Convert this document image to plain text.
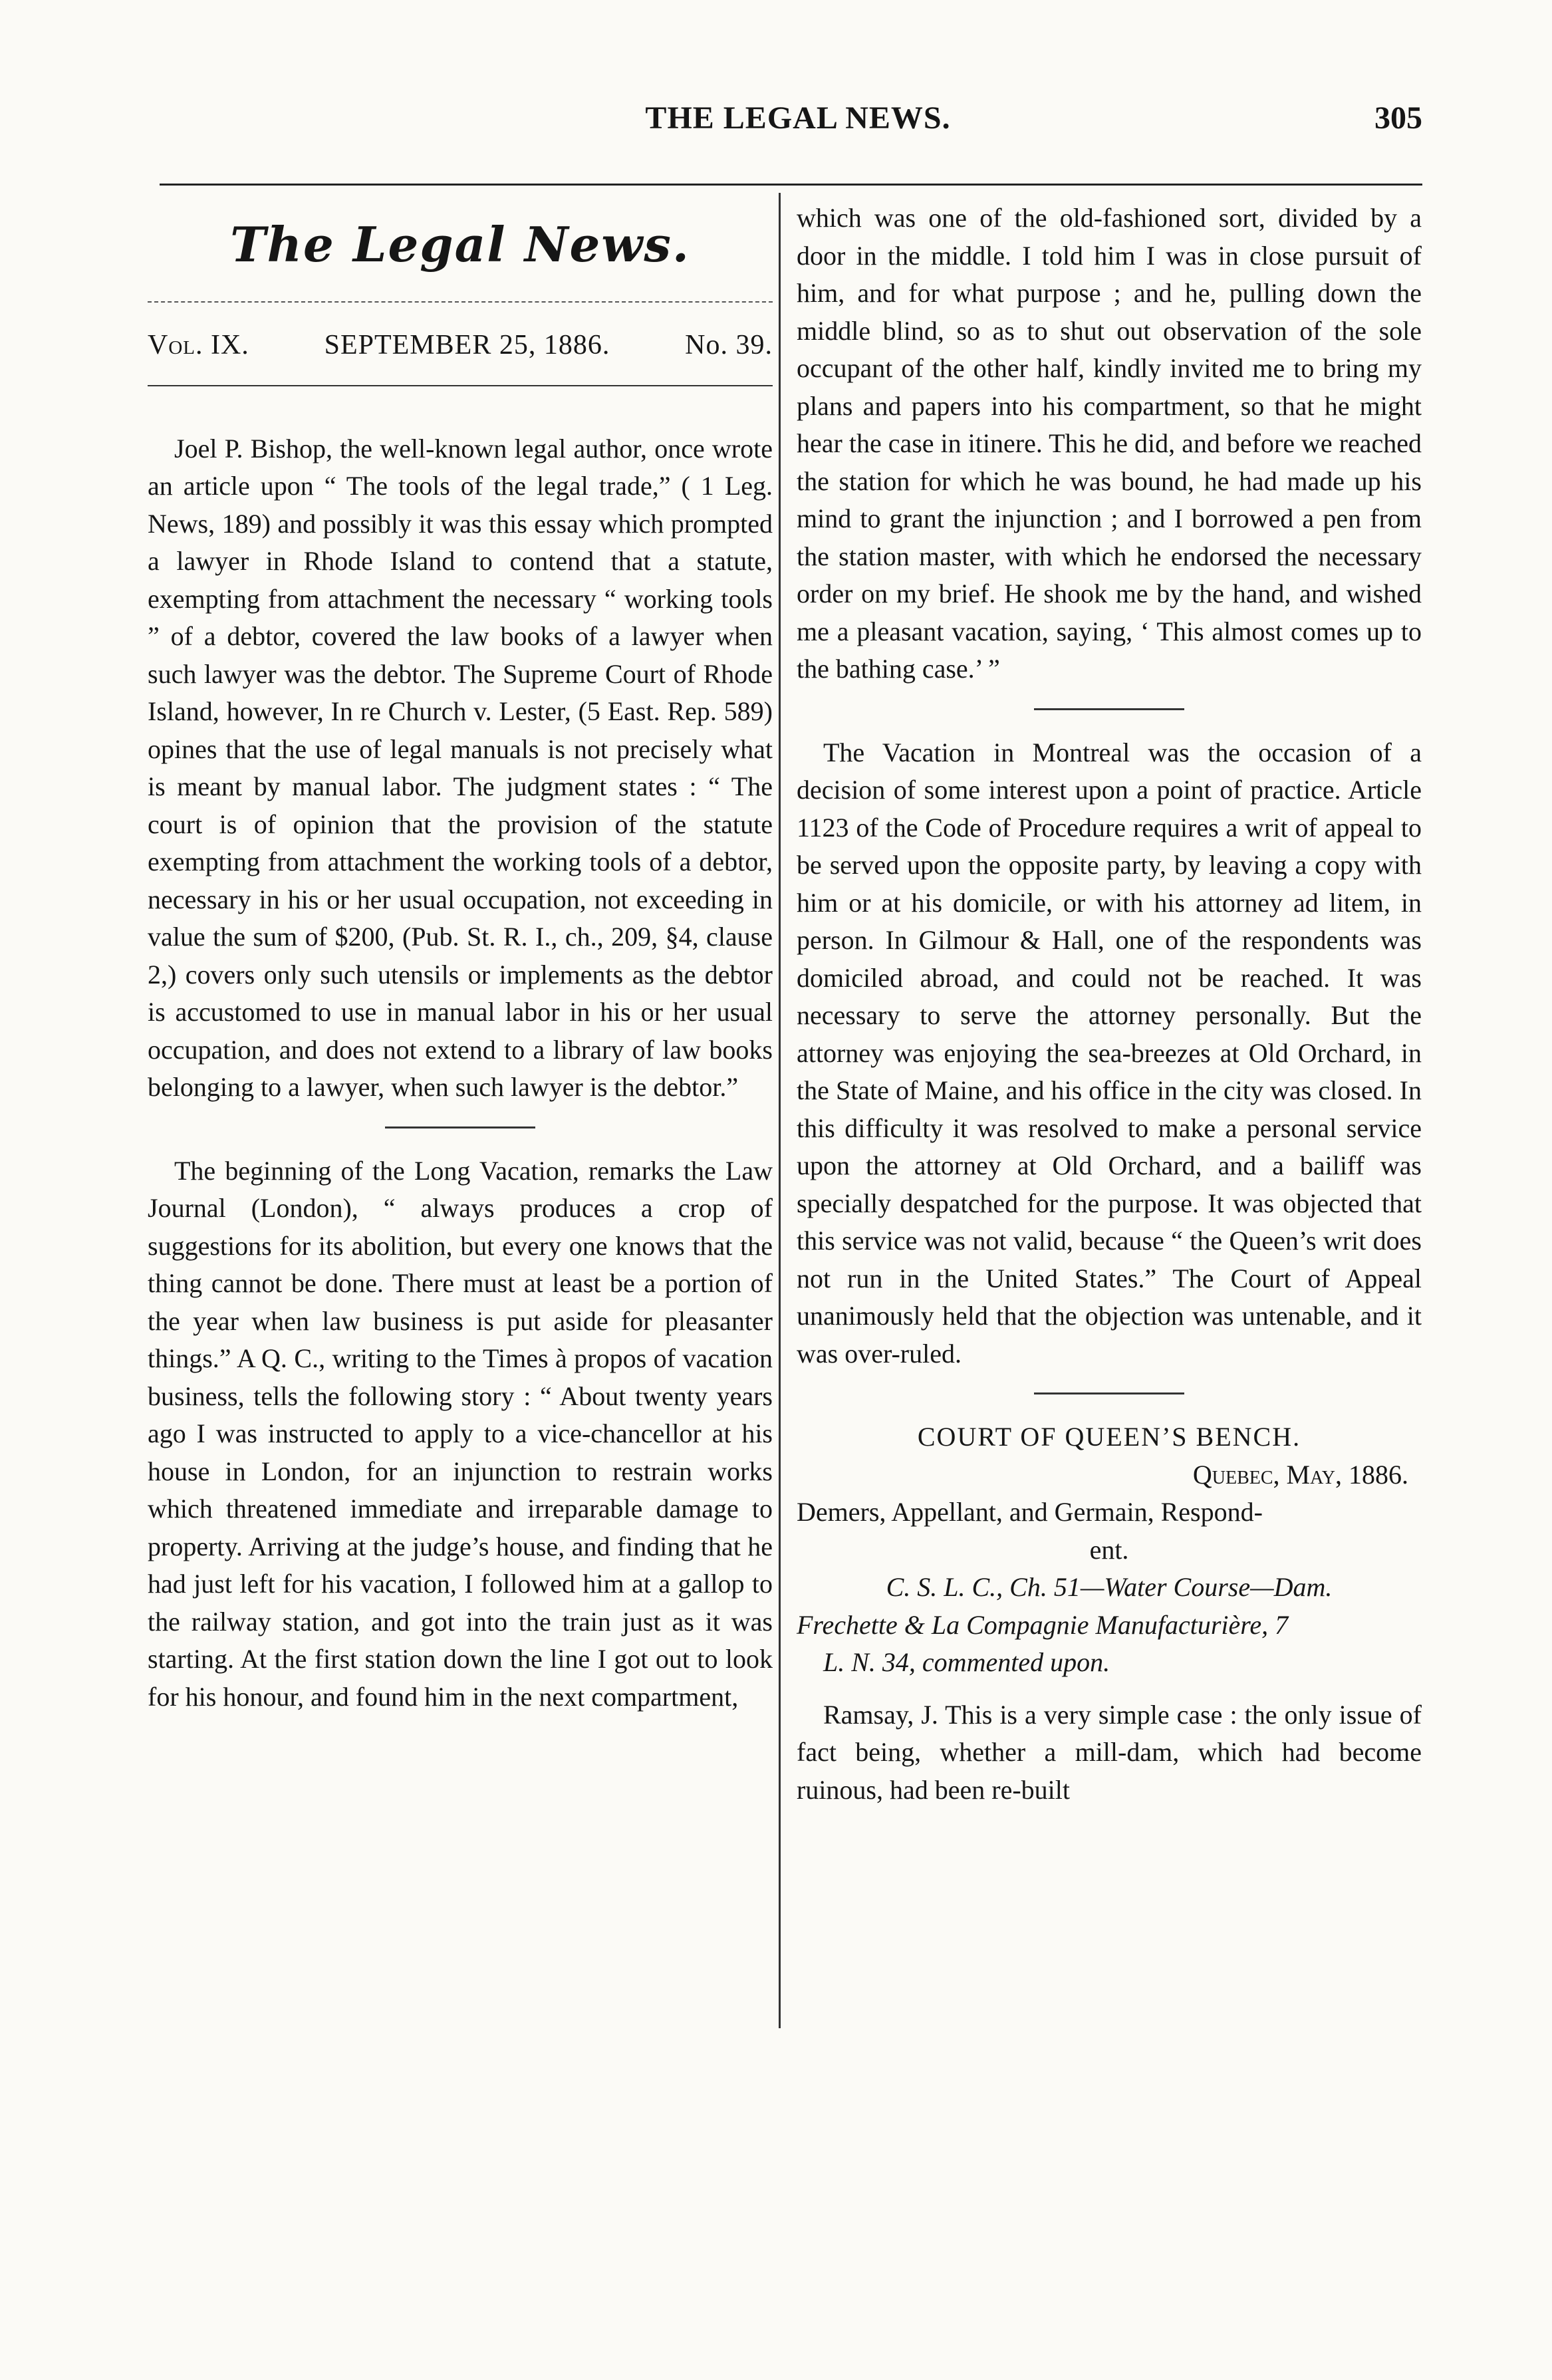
THE LEGAL NEWS.	305
The Legal News.
Vol. IX.	SEPTEMBER 25, 1886.	No. 39.

Joel P. Bishop, the well-known legal author, once wrote an article upon “ The tools of the legal trade,” ( 1 Leg. News, 189) and possibly it was this essay which prompted a lawyer in Rhode Island to contend that a statute, exempting from attachment the necessary “ working tools ” of a debtor, covered the law books of a lawyer when such lawyer was the debtor. The Supreme Court of Rhode Island, however, In re Church v. Lester, (5 East. Rep. 589) opines that the use of legal manuals is not precisely what is meant by manual labor. The judgment states : “ The court is of opinion that the provision of the statute exempting from attachment the working tools of a debtor, necessary in his or her usual occupation, not exceeding in value the sum of $200, (Pub. St. R. I., ch., 209, §4, clause 2,) covers only such utensils or implements as the debtor is accustomed to use in manual labor in his or her usual occupation, and does not extend to a library of law books belonging to a lawyer, when such lawyer is the debtor.”

The beginning of the Long Vacation, remarks the Law Journal (London), “ always produces a crop of suggestions for its abolition, but every one knows that the thing cannot be done. There must at least be a portion of the year when law business is put aside for pleasanter things.” A Q. C., writing to the Times à propos of vacation business, tells the following story : “ About twenty years ago I was instructed to apply to a vice-chancellor at his house in London, for an injunction to restrain works which threatened immediate and irreparable damage to property. Arriving at the judge’s house, and finding that he had just left for his vacation, I followed him at a gallop to the railway station, and got into the train just as it was starting. At the first station down the line I got out to look for his honour, and found him in the next compartment,

which was one of the old-fashioned sort, divided by a door in the middle. I told him I was in close pursuit of him, and for what purpose ; and he, pulling down the middle blind, so as to shut out observation of the sole occupant of the other half, kindly invited me to bring my plans and papers into his compartment, so that he might hear the case in itinere. This he did, and before we reached the station for which he was bound, he had made up his mind to grant the injunction ; and I borrowed a pen from the station master, with which he endorsed the necessary order on my brief. He shook me by the hand, and wished me a pleasant vacation, saying, ‘ This almost comes up to the bathing case.’ ”

The Vacation in Montreal was the occasion of a decision of some interest upon a point of practice. Article 1123 of the Code of Procedure requires a writ of appeal to be served upon the opposite party, by leaving a copy with him or at his domicile, or with his attorney ad litem, in person. In Gilmour & Hall, one of the respondents was domiciled abroad, and could not be reached. It was necessary to serve the attorney personally. But the attorney was enjoying the sea-breezes at Old Orchard, in the State of Maine, and his office in the city was closed. In this difficulty it was resolved to make a personal service upon the attorney at Old Orchard, and a bailiff was specially despatched for the purpose. It was objected that this service was not valid, because “ the Queen’s writ does not run in the United States.” The Court of Appeal unanimously held that the objection was untenable, and it was over-ruled.

COURT OF QUEEN’S BENCH.
Quebec, May, 1886.
Demers, Appellant, and Germain, Respond-
ent.
C. S. L. C., Ch. 51—Water Course—Dam.
Frechette & La Compagnie Manufacturière, 7
L. N. 34, commented upon.

Ramsay, J. This is a very simple case : the only issue of fact being, whether a mill-dam, which had become ruinous, had been re-built
